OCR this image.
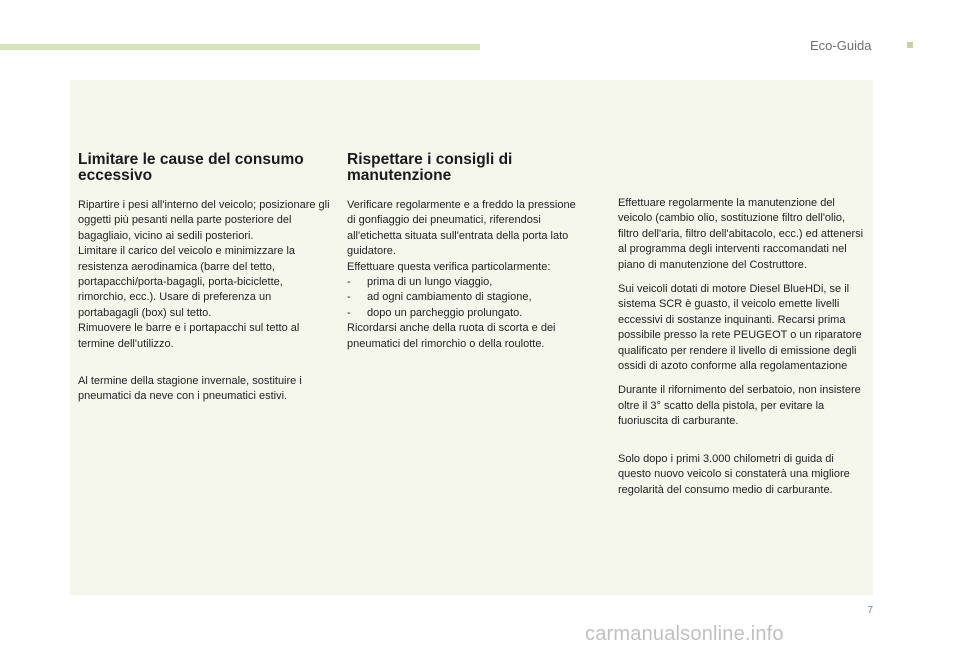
Eco-Guida
Limitare le cause del consumo eccessivo

Ripartire i pesi all'interno del veicolo; posizionare gli oggetti più pesanti nella parte posteriore del bagagliaio, vicino ai sedili posteriori.

Limitare il carico del veicolo e minimizzare la resistenza aerodinamica (barre del tetto, portapacchi/porta-bagagli, porta-biciclette, rimorchio, ecc.). Usare di preferenza un portabagagli (box) sul tetto.

Rimuovere le barre e i portapacchi sul tetto al termine dell'utilizzo.

Al termine della stagione invernale, sostituire i pneumatici da neve con i pneumatici estivi.

Rispettare i consigli di manutenzione

Verificare regolarmente e a freddo la pressione di gonfiaggio dei pneumatici, riferendosi all'etichetta situata sull'entrata della porta lato guidatore.

Effettuare questa verifica particolarmente:

- prima di un lungo viaggio,
- ad ogni cambiamento di stagione,
- dopo un parcheggio prolungato.

Ricordarsi anche della ruota di scorta e dei pneumatici del rimorchio o della roulotte.

Effettuare regolarmente la manutenzione del veicolo (cambio olio, sostituzione filtro dell'olio, filtro dell'aria, filtro dell'abitacolo, ecc.) ed attenersi al programma degli interventi raccomandati nel piano di manutenzione del Costruttore.

Sui veicoli dotati di motore Diesel BlueHDi, se il sistema SCR è guasto, il veicolo emette livelli eccessivi di sostanze inquinanti. Recarsi prima possibile presso la rete PEUGEOT o un riparatore qualificato per rendere il livello di emissione degli ossidi di azoto conforme alla regolamentazione

Durante il rifornimento del serbatoio, non insistere oltre il 3° scatto della pistola, per evitare la fuoriuscita di carburante.

Solo dopo i primi 3.000 chilometri di guida di questo nuovo veicolo si constaterà una migliore regolarità del consumo medio di carburante.

7
carmanualsonline.info
